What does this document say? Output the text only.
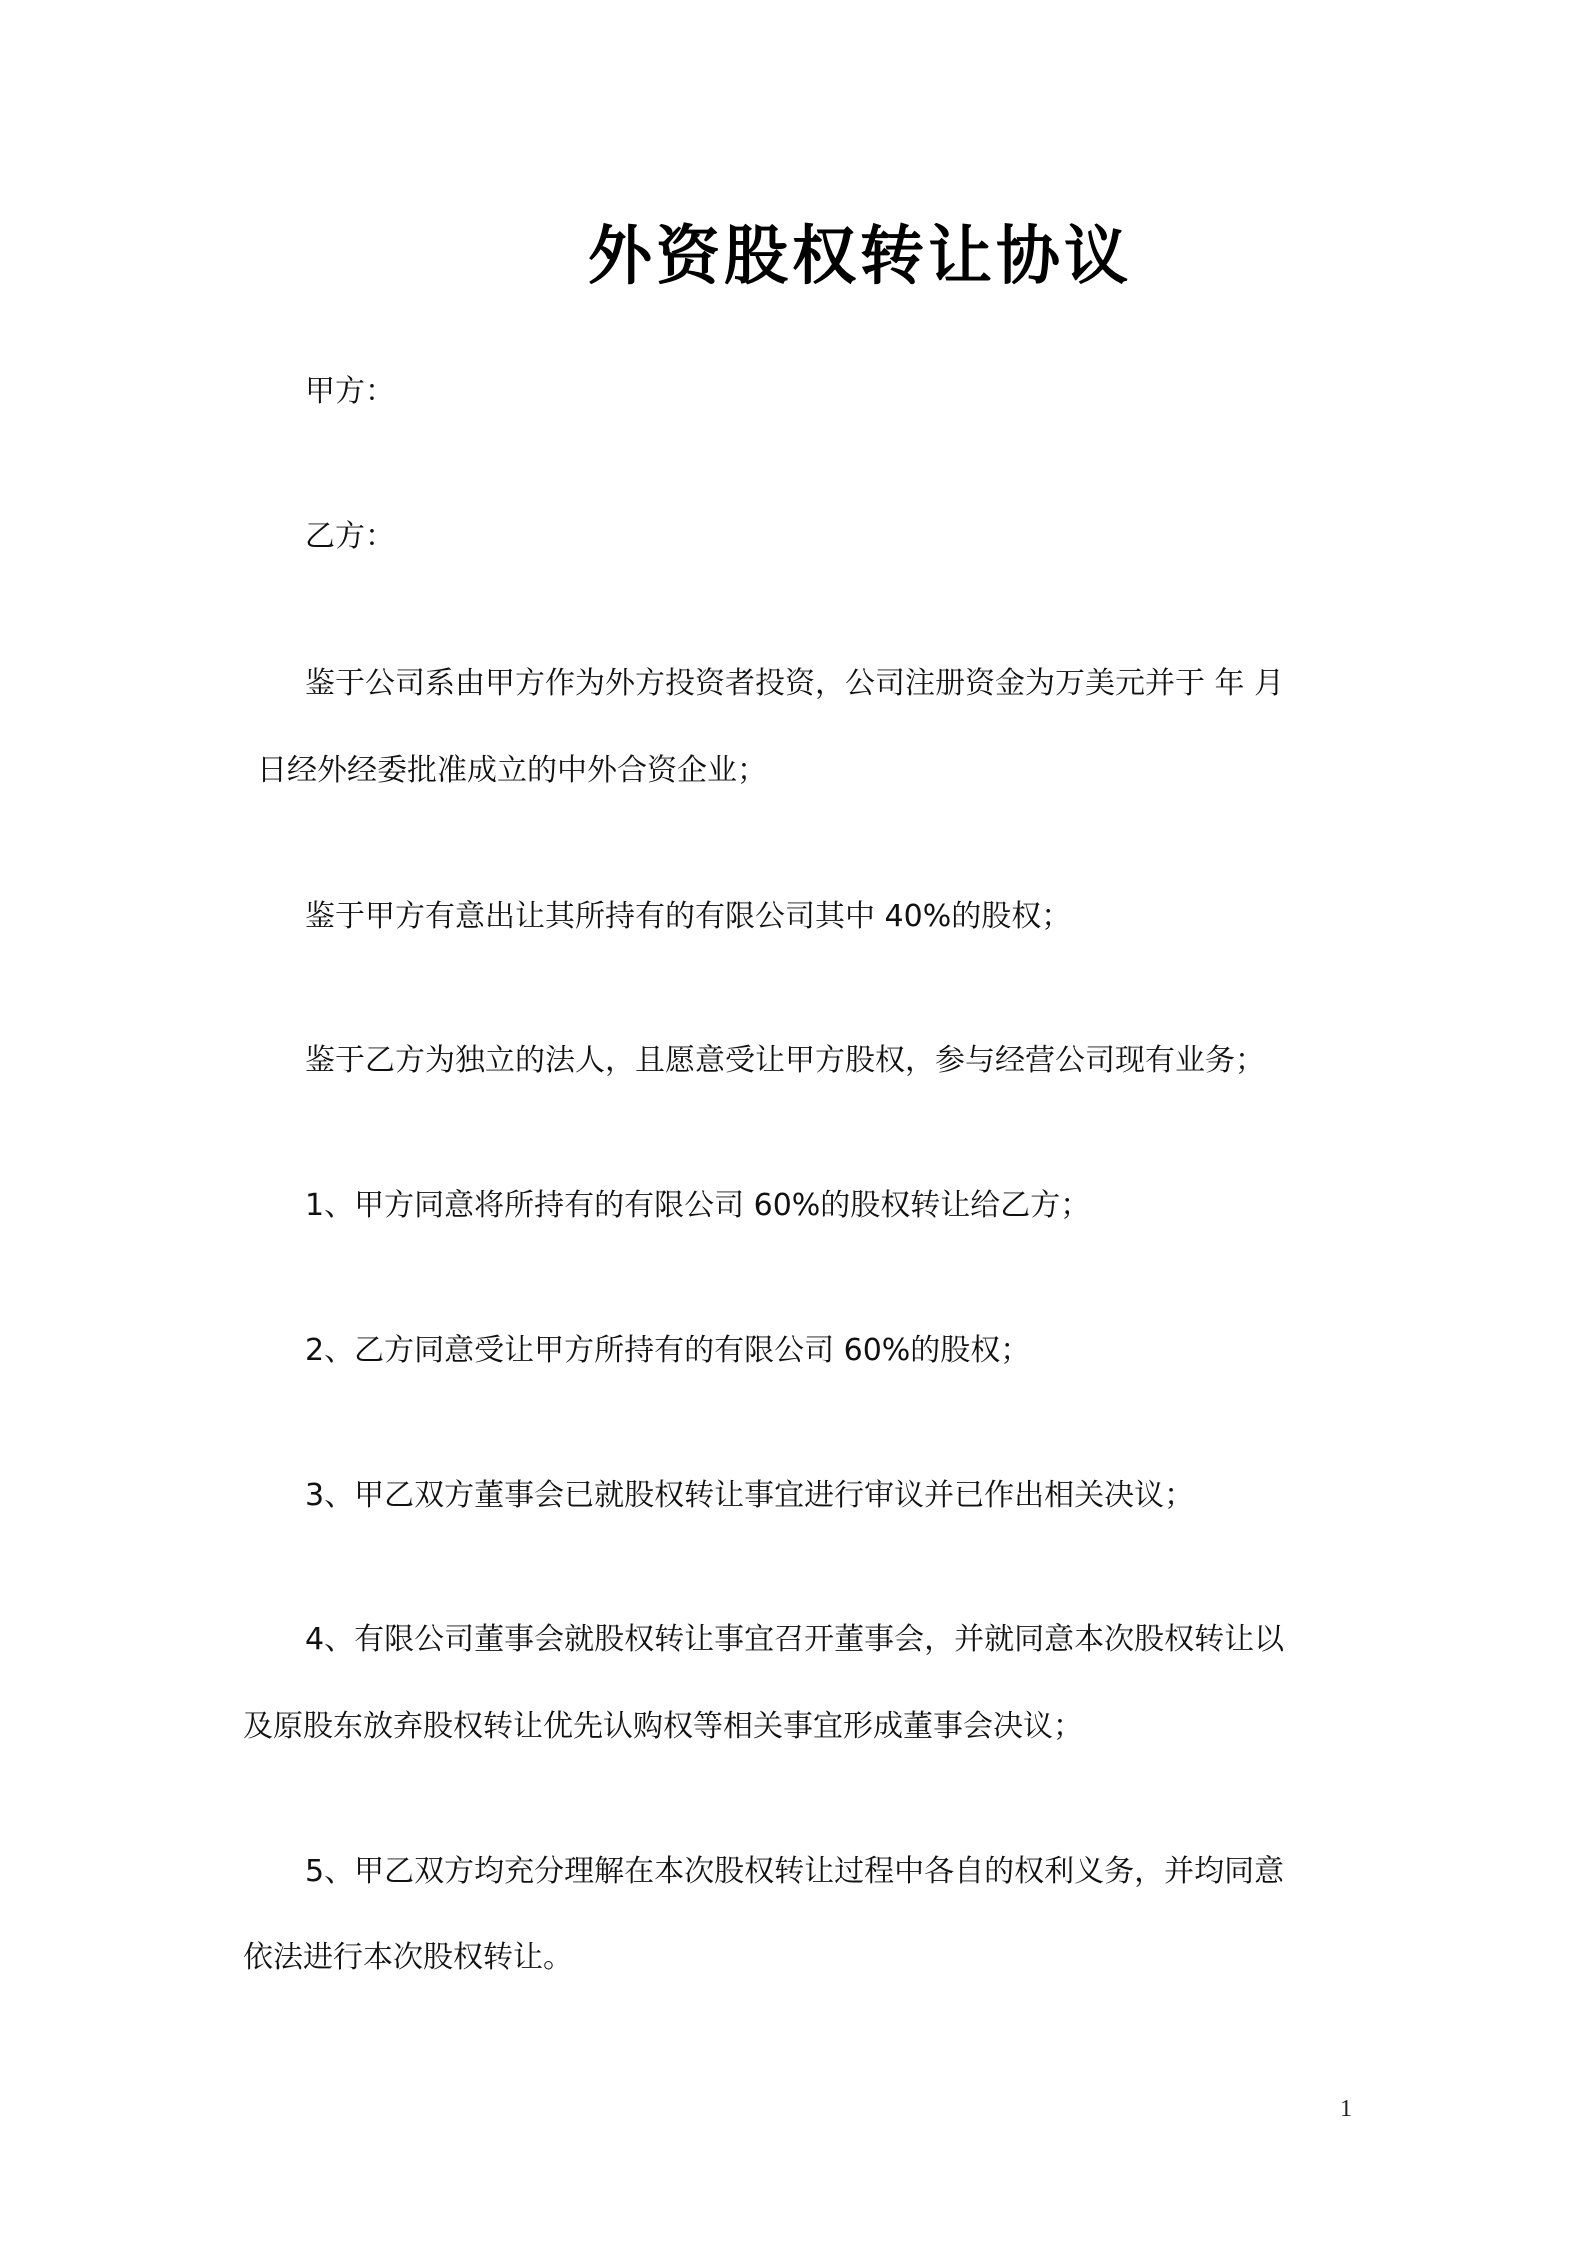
外资股权转让协议
甲方：
乙方：
鉴于公司系由甲方作为外方投资者投资，公司注册资金为万美元并于 年 月
日经外经委批准成立的中外合资企业；
鉴于甲方有意出让其所持有的有限公司其中 40%的股权；
鉴于乙方为独立的法人，且愿意受让甲方股权，参与经营公司现有业务；
1、甲方同意将所持有的有限公司 60%的股权转让给乙方；
2、乙方同意受让甲方所持有的有限公司 60%的股权；
3、甲乙双方董事会已就股权转让事宜进行审议并已作出相关决议；
4、有限公司董事会就股权转让事宜召开董事会，并就同意本次股权转让以
及原股东放弃股权转让优先认购权等相关事宜形成董事会决议；
5、甲乙双方均充分理解在本次股权转让过程中各自的权利义务，并均同意
依法进行本次股权转让。
1
